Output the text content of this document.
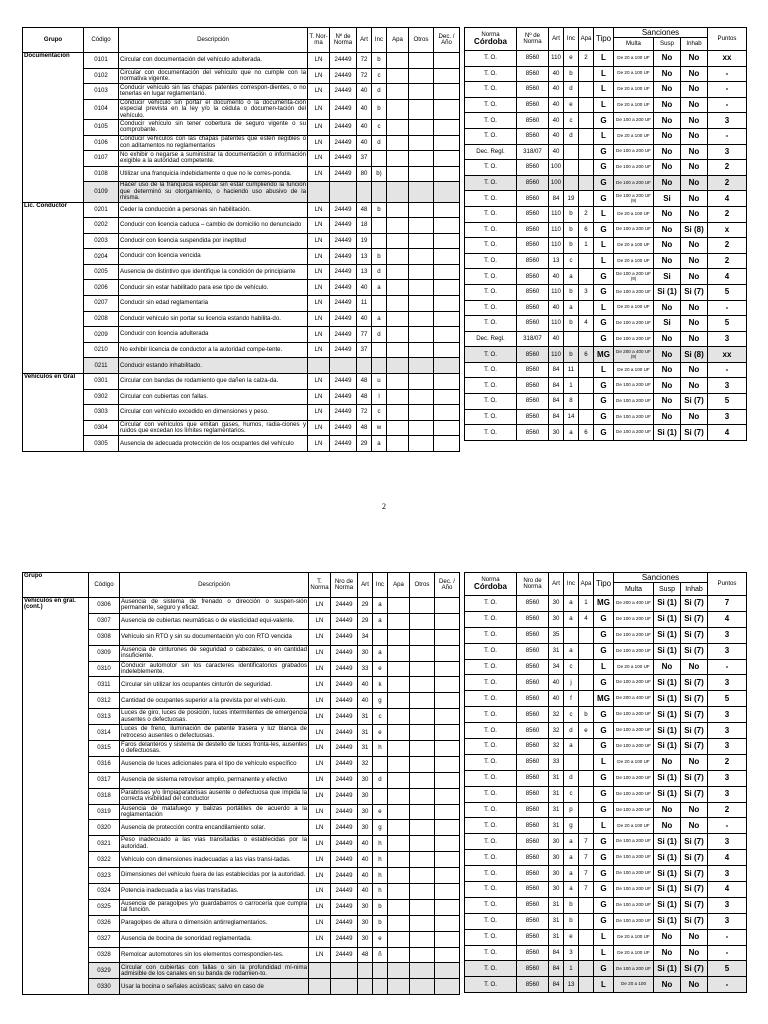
Grupo	Código	Descripción	T. Nor-ma	Nº de Norma	Art	Inc	Apa	Otros	Dec. / Año
Documentación	0101	Circular con documentación del vehículo adulterada.	LN	24449	72	b			
	0102	Circular con documentación del vehículo que no cumple con la normativa vigente.	LN	24449	72	c			
	0103	Conducir vehículo sin las chapas patentes correspon-dientes, o no tenerlas en lugar reglamentario.	LN	24449	40	d			
	0104	Conducir vehículo sin portar el documento o la documenta-ción especial prevista en la ley y/o la cédula o documen-tación del vehículo.	LN	24449	40	b			
	0105	Conducir vehículo sin tener cobertura de seguro vigente o su comprobante.	LN	24449	40	c			
	0106	Conducir vehículos con las chapas patentes que estén ilegibles o con aditamentos no reglamentarios	LN	24449	40	d			
	0107	No exhibir o negarse a suministrar la documentación o información exigible a la autoridad competente.	LN	24449	37				
	0108	Utilizar una franquicia indebidamente o que no le corres-ponda.	LN	24449	80	b)			
	0109	Hacer uso de la franquicia especial sin estar cumpliendo la función que determinó su otorgamiento, o haciendo uso abusivo de la misma.							
Lic. Conductor	0201	Ceder la conducción a personas sin habilitación.	LN	24449	48	b			
	0202	Conducir con licencia caduca – cambio de domicilio no denunciado	LN	24449	18				
	0203	Conducir con licencia suspendida por ineptitud	LN	24449	19				
	0204	Conducir con licencia vencida	LN	24449	13	b			
	0205	Ausencia de distintivo que identifique la condición de principiante	LN	24449	13	d			
	0206	Conducir sin estar habilitado para ese tipo de vehículo.	LN	24449	40	a			
	0207	Conducir sin edad reglamentaria	LN	24449	11				
	0208	Conducir vehículo sin portar su licencia estando habilita-do.	LN	24449	40	a			
	0209	Conducir con licencia adulterada	LN	24449	77	d			
	0210	No exhibir licencia de conductor a la autoridad compe-tente.	LN	24449	37				
	0211	Conducir estando inhabilitado.							
Vehículos en Gral	0301	Circular con bandas de rodamiento que dañen la calza-da.	LN	24449	48	u			
	0302	Circular con cubiertas con fallas.	LN	24449	48	l			
	0303	Circular con vehículo excedido en dimensiones y peso.	LN	24449	72	c			
	0304	Circular con vehículos que emitan gases, humos, radia-ciones y ruidos que excedan los límites reglamentarios.	LN	24449	48	w			
	0305	Ausencia de adecuada protección de los ocupantes del vehículo	LN	24449	29	a			
Norma
Córdoba	Nº de Norma	Art	Inc	Apa	Tipo	Sanciones			Puntos
						Multa	Susp	Inhab	
T. O.	8560	110	e	2	L	De 20 a 100 UF	No	No	xx
T. O.	8560	40	b		L	De 20 a 100 UF	No	No	-
T. O.	8560	40	d		L	De 20 a 100 UF	No	No	-
T. O.	8560	40	e		L	De 20 a 100 UF	No	No	-
T. O.	8560	40	c		G	De 100 a 200 UF	No	No	3
T. O.	8560	40	d		L	De 20 a 100 UF	No	No	-
Dec. Regl.	318/07	40			G	De 100 a 200 UF	No	No	3
T. O.	8560	100			G	De 100 a 200 UF	No	No	2
T. O.	8560	100			G	De 100 a 200 UF	No	No	2
T. O.	8560	84	19		G	De 100 a 200 UF (9)	Si	No	4
T. O.	8560	110	b	2	L	De 20 a 100 UF	No	No	2
T. O.	8560	110	b	6	G	De 100 a 200 UF	No	Si (8)	x
T. O.	8560	110	b	1	L	De 20 a 100 UF	No	No	2
T. O.	8560	13	c		L	De 20 a 100 UF	No	No	2
T. O.	8560	40	a		G	De 100 a 200 UF (9)	Si	No	4
T. O.	8560	110	b	3	G	De 100 a 200 UF	Si (1)	Si (7)	5
T. O.	8560	40	a		L	De 20 a 100 UF	No	No	-
T. O.	8560	110	b	4	G	De 100 a 200 UF	Si	No	5
Dec. Regl.	318/07	40			G	De 100 a 200 UF	No	No	3
T. O.	8560	110	b	6	MG	De 200 a 400 UF (9)	No	Si (8)	xx
T. O.	8560	84	11		L	De 20 a 100 UF	No	No	-
T. O.	8560	84	1		G	De 100 a 200 UF	No	No	3
T. O.	8560	84	8		G	De 100 a 200 UF	No	Si (7)	5
T. O.	8560	84	14		G	De 100 a 200 UF	No	No	3
T. O.	8560	30	a	6	G	De 100 a 200 UF	Si (1)	Si (7)	4
2
Grupo	Código	Descripción	T. Norma	Nro de Norma	Art	Inc	Apa	Otros	Dec. / Año
Vehículos en gral. (cont.)	0306	Ausencia de sistema de frenado o dirección o suspen-sión permanente, seguro y eficaz.	LN	24449	29	a			
	0307	Ausencia de cubiertas neumáticas o de elasticidad equi-valente.	LN	24449	29	a			
	0308	Vehículo sin RTO y sin su documentación y/o con RTO vencida	LN	24449	34				
	0309	Ausencia de cinturones de seguridad o cabezales, o en cantidad insuficiente.	LN	24449	30	a			
	0310	Conducir automotor sin los caracteres identificatorios grabados indeleblemente.	LN	24449	33	e			
	0311	Circular sin utilizar los ocupantes cinturón de seguridad.	LN	24449	40	k			
	0312	Cantidad de ocupantes superior a la prevista por el vehí-culo.	LN	24449	40	g			
	0313	Luces de giro, luces de posición, luces intermitentes de emergencia ausentes o defectuosas.	LN	24449	31	c			
	0314	Luces de freno, iluminación de patente trasera y luz blanca de retroceso ausentes o defectuosas.	LN	24449	31	e			
	0315	Faros delanteros y sistema de destello de luces fronta-les, ausentes o defectuosas.	LN	24449	31	h			
	0316	Ausencia de luces adicionales para el tipo de vehículo específico	LN	24449	32				
	0317	Ausencia de sistema retrovisor amplio, permanente y efectivo	LN	24449	30	d			
	0318	Parabrisas y/o limpiaparabrisas ausente o defectuosa que impida la correcta visibilidad del conductor	LN	24449	30				
	0319	Ausencia de matafuego y balizas portátiles de acuerdo a la reglamentación	LN	24449	30	e			
	0320	Ausencia de protección contra encandilamiento solar.	LN	24449	30	g			
	0321	Peso inadecuado a las vías transitadas o establecidas por la autoridad.	LN	24449	40	h			
	0322	Vehículo con dimensiones inadecuadas a las vías transi-tadas.	LN	24449	40	h			
	0323	Dimensiones del vehículo fuera de las establecidas por la autoridad.	LN	24449	40	h			
	0324	Potencia inadecuada a las vías transitadas.	LN	24449	40	h			
	0325	Ausencia de paragolpes y/o guardabarros o carrocería que cumpla tal función.	LN	24449	30	b			
	0326	Paragolpes de altura o dimensión antirreglamentarios.	LN	24449	30	b			
	0327	Ausencia de bocina de sonoridad reglamentada.	LN	24449	30	e			
	0328	Remolcar automotores sin los elementos correspondien-tes.	LN	24449	48	ñ			
	0329	Circular con cubiertas con fallas o sin la profundidad mí-nima admisible de los canales en su banda de rodamien-to.							
	0330	Usar la bocina o señales acústicas; salvo en caso de							
Norma
Córdoba	Nro de Norma	Art	Inc	Apa	Tipo	Sanciones			Puntos
						Multa	Susp	Inhab	
T. O.	8560	30	a	1	MG	De 200 a 400 UF	Si (1)	Si (7)	7
T. O.	8560	30	a	4	G	De 100 a 200 UF	Si (1)	Si (7)	4
T. O.	8560	35			G	De 100 a 200 UF	Si (1)	Si (7)	3
T. O.	8560	31	a		G	De 100 a 200 UF	Si (1)	Si (7)	3
T. O.	8560	34	c		L	De 20 a 100 UF	No	No	-
T. O.	8560	40	j		G	De 100 a 200 UF	Si (1)	Si (7)	3
T. O.	8560	40	f		MG	De 200 a 400 UF	Si (1)	Si (7)	5
T. O.	8560	32	c	b	G	De 100 a 200 UF	Si (1)	Si (7)	3
T. O.	8560	32	d	e	G	De 100 a 200 UF	Si (1)	Si (7)	3
T. O.	8560	32	a		G	De 100 a 200 UF	Si (1)	Si (7)	3
T. O.	8560	33			L	De 20 a 100 UF	No	No	2
T. O.	8560	31	d		G	De 100 a 200 UF	Si (1)	Si (7)	3
T. O.	8560	31	c		G	De 100 a 200 UF	Si (1)	Si (7)	3
T. O.	8560	31	p		G	De 100 a 200 UF	No	No	2
T. O.	8560	31	g		L	De 20 a 100 UF	No	No	-
T. O.	8560	30	a	7	G	De 100 a 200 UF	Si (1)	Si (7)	3
T. O.	8560	30	a	7	G	De 100 a 200 UF	Si (1)	Si (7)	4
T. O.	8560	30	a	7	G	De 100 a 200 UF	Si (1)	Si (7)	3
T. O.	8560	30	a	7	G	De 100 a 200 UF	Si (1)	Si (7)	4
T. O.	8560	31	b		G	De 100 a 200 UF	Si (1)	Si (7)	3
T. O.	8560	31	b		G	De 100 a 200 UF	Si (1)	Si (7)	3
T. O.	8560	31	e		L	De 20 a 100 UF	No	No	-
T. O.	8560	84	3		L	De 20 a 100 UF	No	No	-
T. O.	8560	84	1		G	De 100 a 200 UF	Si (1)	Si (7)	5
T. O.	8560	84	13		L	De 20 a 100	No	No	-
